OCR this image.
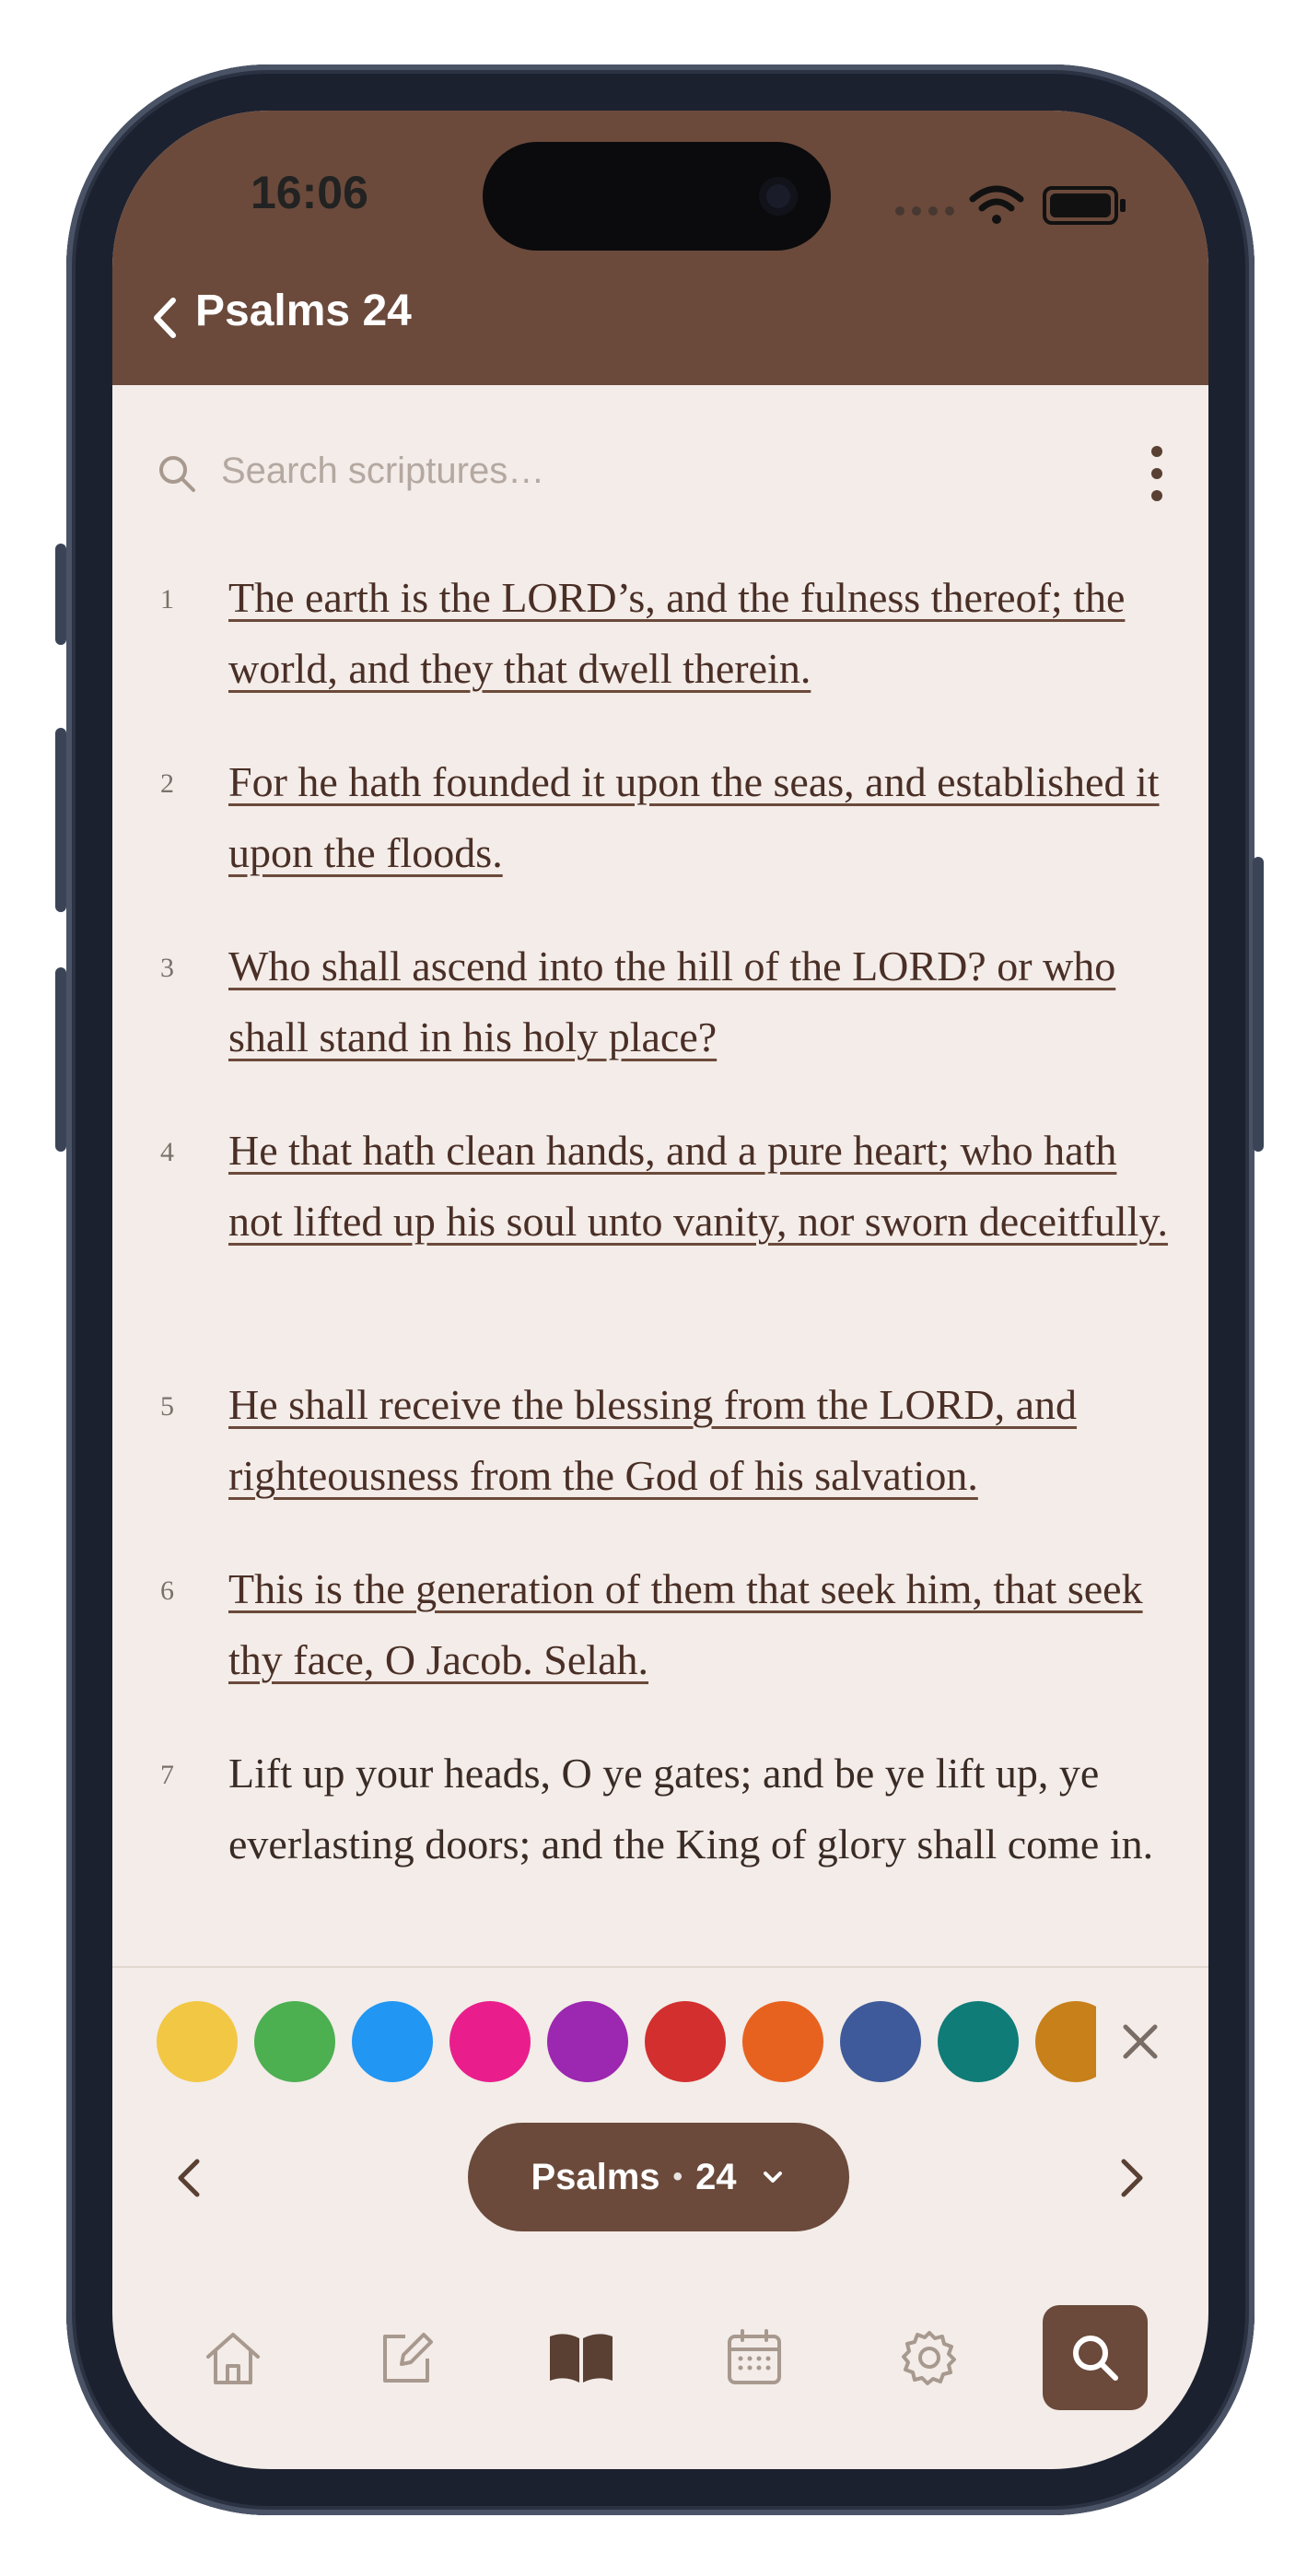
16:06
Psalms 24
Search scriptures…
1 The earth is the LORD’s, and the fulness thereof; the world, and they that dwell therein.
2 For he hath founded it upon the seas, and established it upon the floods.
3 Who shall ascend into the hill of the LORD? or who shall stand in his holy place?
4 He that hath clean hands, and a pure heart; who hath not lifted up his soul unto vanity, nor sworn deceitfully.
5 He shall receive the blessing from the LORD, and righteousness from the God of his salvation.
6 This is the generation of them that seek him, that seek thy face, O Jacob. Selah.
7 Lift up your heads, O ye gates; and be ye lift up, ye everlasting doors; and the King of glory shall come in.
Psalms • 24
